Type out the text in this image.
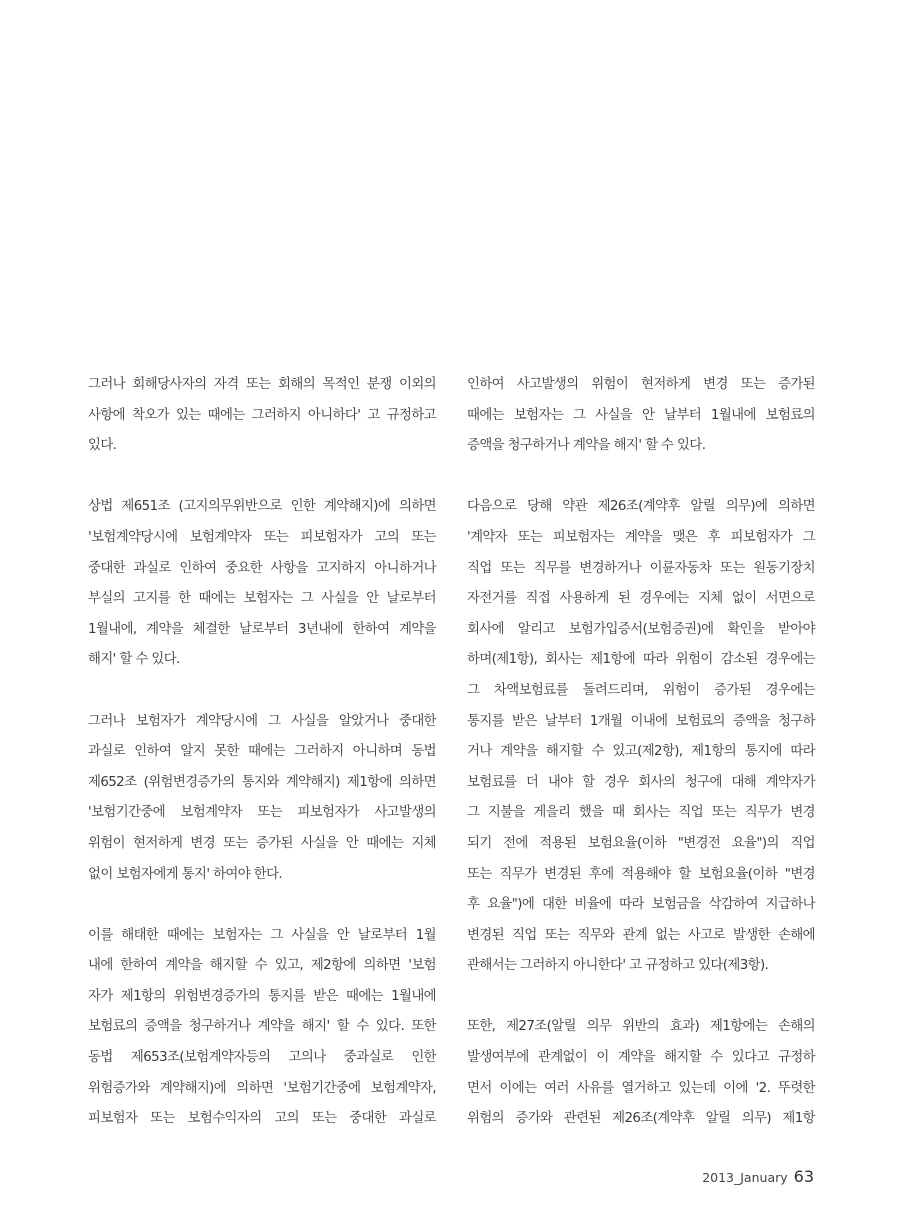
그러나 회해당사자의 자격 또는 회해의 목적인 분쟁 이외의
사항에 착오가 있는 때에는 그러하지 아니하다' 고 규정하고
있다.

상법 제651조 (고지의무위반으로 인한 계약해지)에 의하면
'보험계약당시에 보험계약자 또는 피보험자가 고의 또는
중대한 과실로 인하여 중요한 사항을 고지하지 아니하거나
부실의 고지를 한 때에는 보험자는 그 사실을 안 날로부터
1월내에, 계약을 체결한 날로부터 3년내에 한하여 계약을
해지' 할 수 있다.

그러나 보험자가 계약당시에 그 사실을 알았거나 중대한
과실로 인하여 알지 못한 때에는 그러하지 아니하며 동법
제652조 (위험변경증가의 통지와 계약해지) 제1항에 의하면
'보험기간중에 보험계약자 또는 피보험자가 사고발생의
위험이 현저하게 변경 또는 증가된 사실을 안 때에는 지체
없이 보험자에게 통지' 하여야 한다.

이를 해태한 때에는 보험자는 그 사실을 안 날로부터 1월
내에 한하여 계약을 해지할 수 있고, 제2항에 의하면 '보험
자가 제1항의 위험변경증가의 통지를 받은 때에는 1월내에
보험료의 증액을 청구하거나 계약을 해지' 할 수 있다. 또한
동법 제653조(보험계약자등의 고의나 중과실로 인한
위험증가와 계약해지)에 의하면 '보험기간중에 보험계약자,
피보험자 또는 보험수익자의 고의 또는 중대한 과실로

인하여 사고발생의 위험이 현저하게 변경 또는 증가된
때에는 보험자는 그 사실을 안 날부터 1월내에 보험료의
증액을 청구하거나 계약을 해지' 할 수 있다.

다음으로 당해 약관 제26조(계약후 알릴 의무)에 의하면
'계약자 또는 피보험자는 계약을 맺은 후 피보험자가 그
직업 또는 직무를 변경하거나 이륜자동차 또는 원동기장치
자전거를 직접 사용하게 된 경우에는 지체 없이 서면으로
회사에 알리고 보험가입증서(보험증권)에 확인을 받아야
하며(제1항), 회사는 제1항에 따라 위험이 감소된 경우에는
그 차액보험료를 돌려드리며, 위험이 증가된 경우에는
통지를 받은 날부터 1개월 이내에 보험료의 증액을 청구하
거나 계약을 해지할 수 있고(제2항), 제1항의 통지에 따라
보험료를 더 내야 할 경우 회사의 청구에 대해 계약자가
그 지불을 게을리 했을 때 회사는 직업 또는 직무가 변경
되기 전에 적용된 보험요율(이하 "변경전 요율")의 직업
또는 직무가 변경된 후에 적용해야 할 보험요율(이하 "변경
후 요율")에 대한 비율에 따라 보험금을 삭감하여 지급하나
변경된 직업 또는 직무와 관계 없는 사고로 발생한 손해에
관해서는 그러하지 아니한다' 고 규정하고 있다(제3항).

또한, 제27조(알릴 의무 위반의 효과) 제1항에는 손해의
발생여부에 관계없이 이 계약을 해지할 수 있다고 규정하
면서 이에는 여러 사유를 열거하고 있는데 이에 '2. 뚜렷한
위험의 증가와 관련된 제26조(계약후 알릴 의무) 제1항

2013_January 63
